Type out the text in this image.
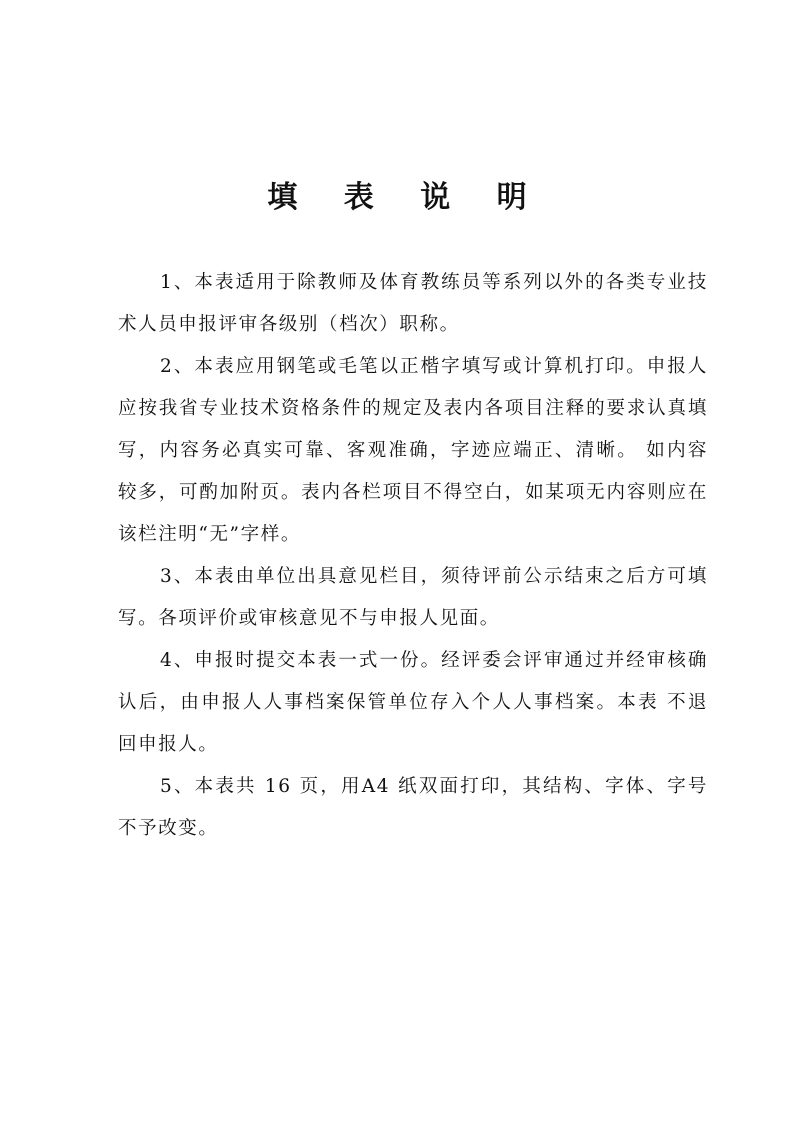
填 表 说 明

1、本表适用于除教师及体育教练员等系列以外的各类专业技术人员申报评审各级别（档次）职称。

2、本表应用钢笔或毛笔以正楷字填写或计算机打印。申报人应按我省专业技术资格条件的规定及表内各项目注释的要求认真填写，内容务必真实可靠、客观准确，字迹应端正、清晰。 如内容较多，可酌加附页。表内各栏项目不得空白，如某项无内容则应在该栏注明“无”字样。

3、本表由单位出具意见栏目，须待评前公示结束之后方可填写。各项评价或审核意见不与申报人见面。

4、申报时提交本表一式一份。经评委会评审通过并经审核确认后，由申报人人事档案保管单位存入个人人事档案。本表 不退回申报人。

5、本表共 16 页，用A4 纸双面打印，其结构、字体、字号不予改变。
